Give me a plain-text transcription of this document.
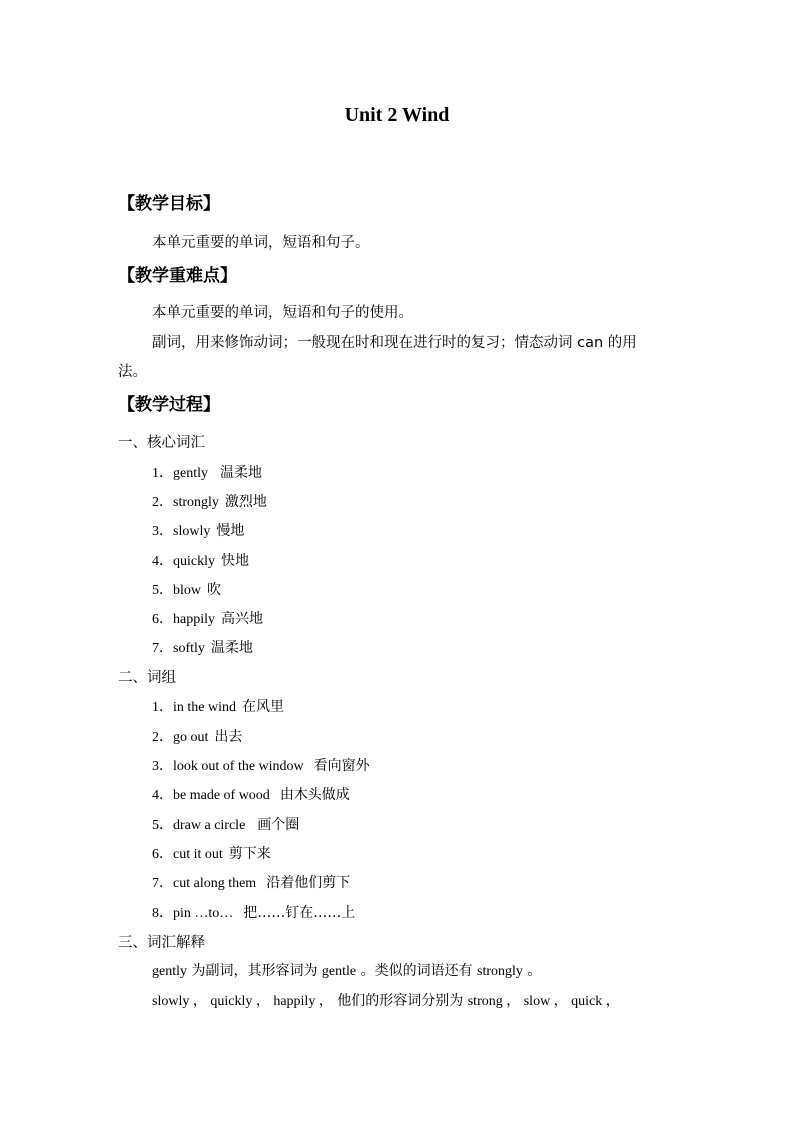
Unit 2 Wind
【教学目标】
本单元重要的单词，短语和句子。
【教学重难点】
本单元重要的单词，短语和句子的使用。
副词，用来修饰动词；一般现在时和现在进行时的复习；情态动词 can 的用
法。
【教学过程】
一、核心词汇
1．gently 温柔地
2．strongly 激烈地
3．slowly 慢地
4．quickly 快地
5．blow 吹
6．happily 高兴地
7．softly 温柔地
二、词组
1．in the wind 在风里
2．go out 出去
3．look out of the window 看向窗外
4．be made of wood 由木头做成
5．draw a circle 画个圈
6．cut it out 剪下来
7．cut along them 沿着他们剪下
8．pin …to… 把……钉在……上
三、词汇解释
gently 为副词，其形容词为 gentle 。类似的词语还有 strongly 。
slowly ， quickly ， happily ， 他们的形容词分别为 strong ， slow ， quick ，
